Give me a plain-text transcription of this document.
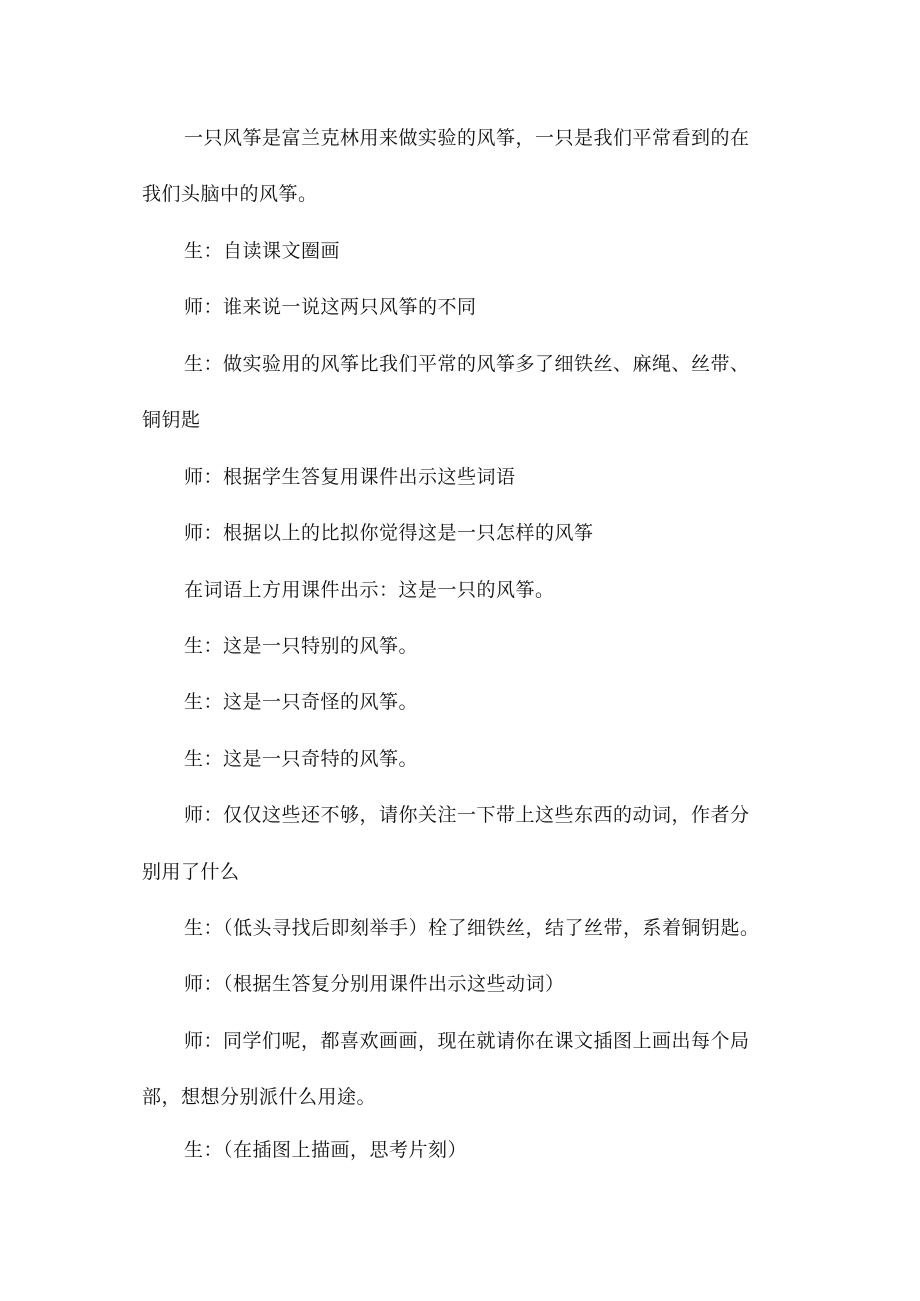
一只风筝是富兰克林用来做实验的风筝，一只是我们平常看到的在

我们头脑中的风筝。

生：自读课文圈画

师：谁来说一说这两只风筝的不同

生：做实验用的风筝比我们平常的风筝多了细铁丝、麻绳、丝带、

铜钥匙

师：根据学生答复用课件出示这些词语

师：根据以上的比拟你觉得这是一只怎样的风筝

在词语上方用课件出示：这是一只的风筝。

生：这是一只特别的风筝。

生：这是一只奇怪的风筝。

生：这是一只奇特的风筝。

师：仅仅这些还不够，请你关注一下带上这些东西的动词，作者分

别用了什么

生：（低头寻找后即刻举手）栓了细铁丝，结了丝带，系着铜钥匙。

师：（根据生答复分别用课件出示这些动词）

师：同学们呢，都喜欢画画，现在就请你在课文插图上画出每个局

部，想想分别派什么用途。

生：（在插图上描画，思考片刻）
